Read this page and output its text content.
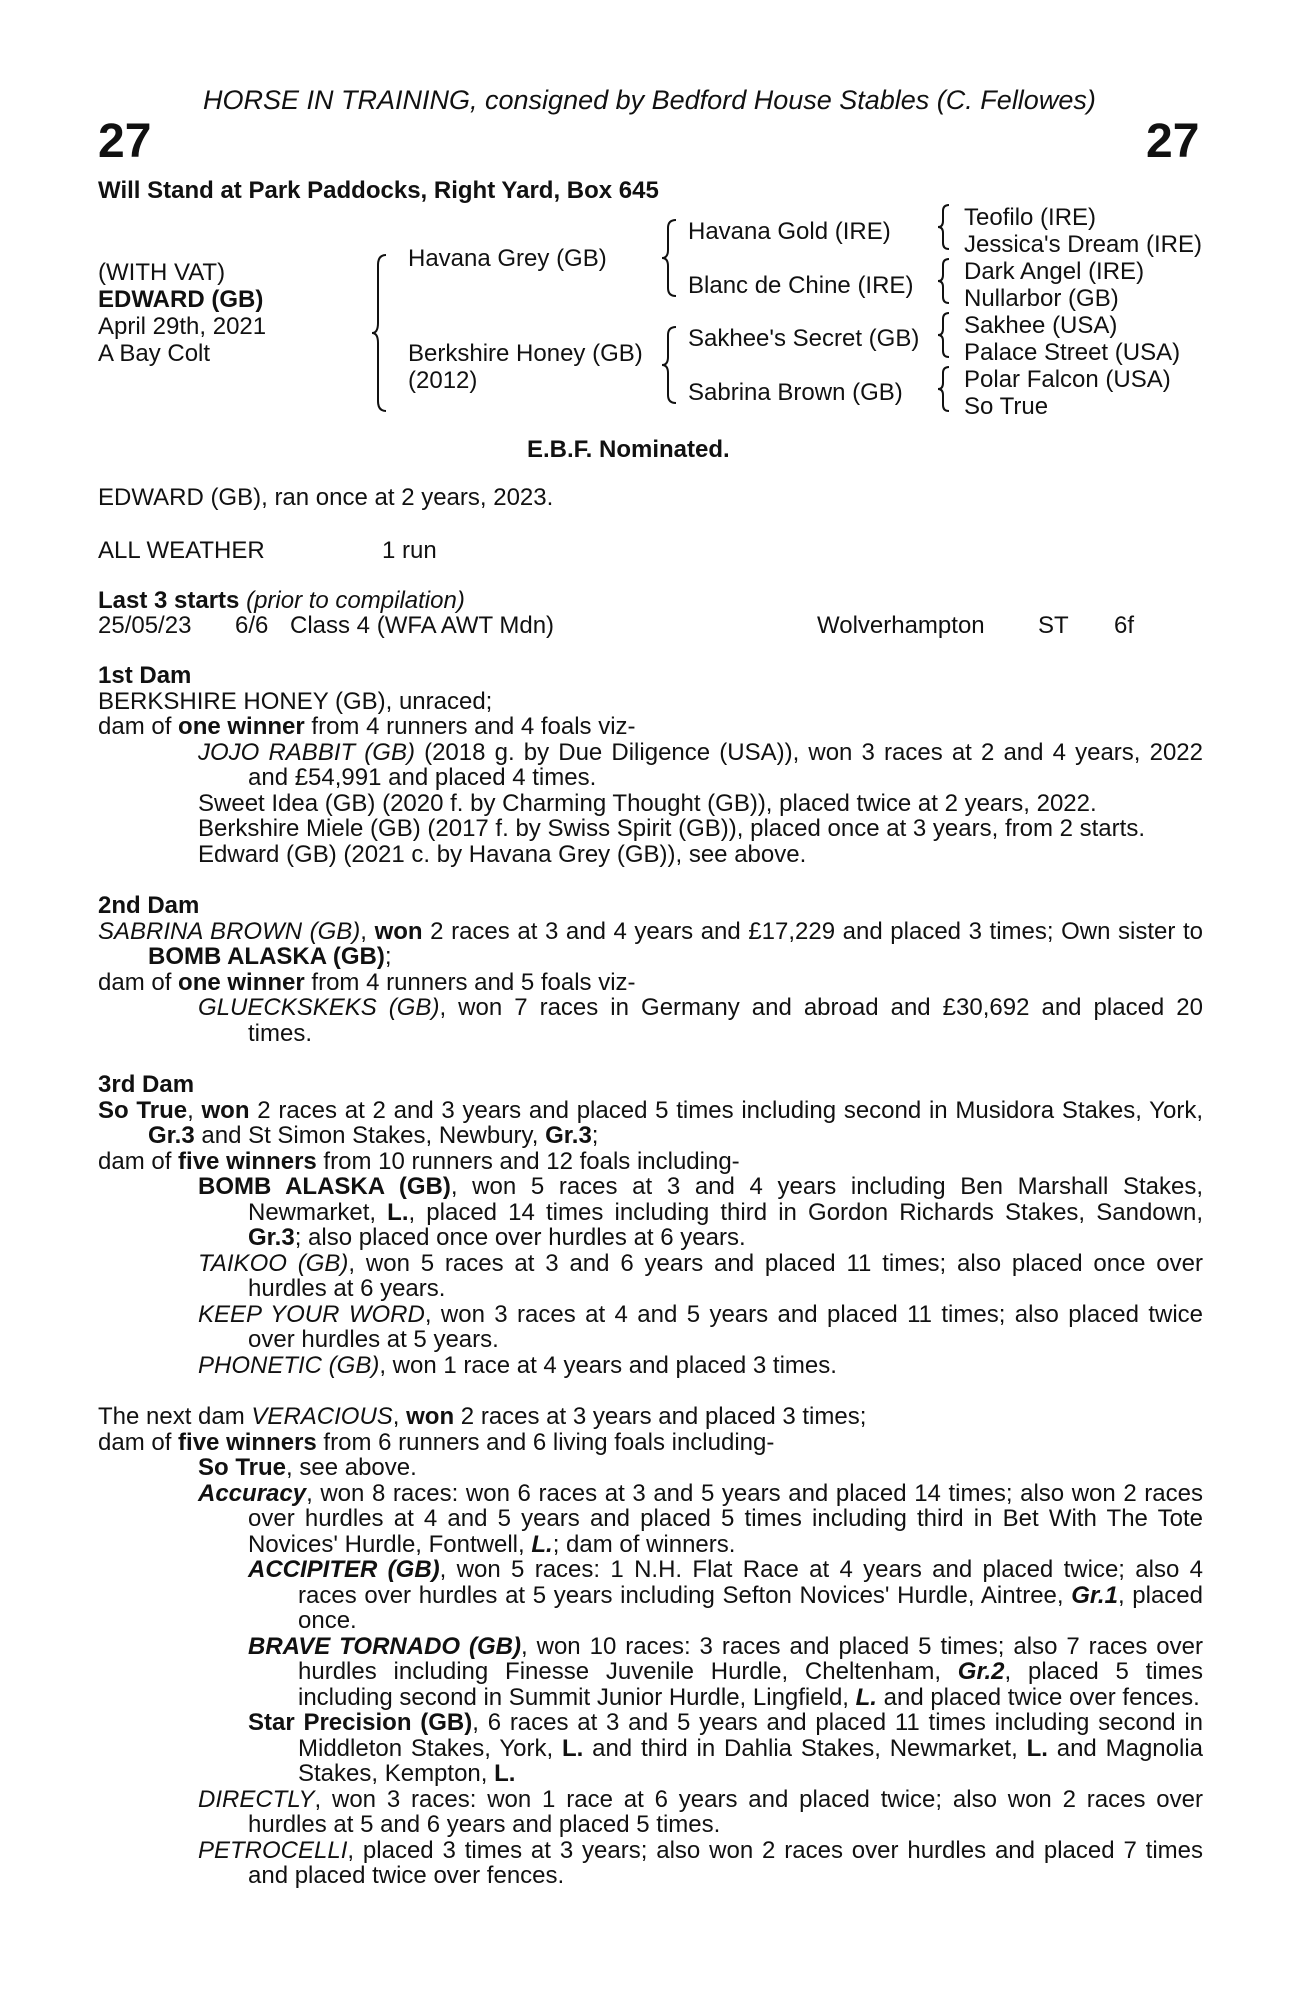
HORSE IN TRAINING, consigned by Bedford House Stables (C. Fellowes)
27	27
Will Stand at Park Paddocks, Right Yard, Box 645
(WITH VAT)
EDWARD (GB)
April 29th, 2021
A Bay Colt
Havana Grey (GB)
Berkshire Honey (GB)
(2012)
Havana Gold (IRE)
Blanc de Chine (IRE)
Sakhee's Secret (GB)
Sabrina Brown (GB)
Teofilo (IRE)
Jessica's Dream (IRE)
Dark Angel (IRE)
Nullarbor (GB)
Sakhee (USA)
Palace Street (USA)
Polar Falcon (USA)
So True
E.B.F. Nominated.
EDWARD (GB), ran once at 2 years, 2023.
ALL WEATHER	1 run
Last 3 starts (prior to compilation)
25/05/23 6/6 Class 4 (WFA AWT Mdn)	Wolverhampton ST 6f

1st Dam

BERKSHIRE HONEY (GB), unraced;

dam of one winner from 4 runners and 4 foals viz-

JOJO RABBIT (GB) (2018 g. by Due Diligence (USA)), won 3 races at 2 and 4 years, 2022 and £54,991 and placed 4 times.

Sweet Idea (GB) (2020 f. by Charming Thought (GB)), placed twice at 2 years, 2022.

Berkshire Miele (GB) (2017 f. by Swiss Spirit (GB)), placed once at 3 years, from 2 starts.

Edward (GB) (2021 c. by Havana Grey (GB)), see above.

2nd Dam

SABRINA BROWN (GB), won 2 races at 3 and 4 years and £17,229 and placed 3 times; Own sister to BOMB ALASKA (GB);

dam of one winner from 4 runners and 5 foals viz-

GLUECKSKEKS (GB), won 7 races in Germany and abroad and £30,692 and placed 20 times.

3rd Dam

So True, won 2 races at 2 and 3 years and placed 5 times including second in Musidora Stakes, York, Gr.3 and St Simon Stakes, Newbury, Gr.3;

dam of five winners from 10 runners and 12 foals including-

BOMB ALASKA (GB), won 5 races at 3 and 4 years including Ben Marshall Stakes, Newmarket, L., placed 14 times including third in Gordon Richards Stakes, Sandown, Gr.3; also placed once over hurdles at 6 years.

TAIKOO (GB), won 5 races at 3 and 6 years and placed 11 times; also placed once over hurdles at 6 years.

KEEP YOUR WORD, won 3 races at 4 and 5 years and placed 11 times; also placed twice over hurdles at 5 years.

PHONETIC (GB), won 1 race at 4 years and placed 3 times.

The next dam VERACIOUS, won 2 races at 3 years and placed 3 times;

dam of five winners from 6 runners and 6 living foals including-

So True, see above.

Accuracy, won 8 races: won 6 races at 3 and 5 years and placed 14 times; also won 2 races over hurdles at 4 and 5 years and placed 5 times including third in Bet With The Tote Novices' Hurdle, Fontwell, L.; dam of winners.

ACCIPITER (GB), won 5 races: 1 N.H. Flat Race at 4 years and placed twice; also 4 races over hurdles at 5 years including Sefton Novices' Hurdle, Aintree, Gr.1, placed once.

BRAVE TORNADO (GB), won 10 races: 3 races and placed 5 times; also 7 races over hurdles including Finesse Juvenile Hurdle, Cheltenham, Gr.2, placed 5 times including second in Summit Junior Hurdle, Lingfield, L. and placed twice over fences.

Star Precision (GB), 6 races at 3 and 5 years and placed 11 times including second in Middleton Stakes, York, L. and third in Dahlia Stakes, Newmarket, L. and Magnolia Stakes, Kempton, L.

DIRECTLY, won 3 races: won 1 race at 6 years and placed twice; also won 2 races over hurdles at 5 and 6 years and placed 5 times.

PETROCELLI, placed 3 times at 3 years; also won 2 races over hurdles and placed 7 times and placed twice over fences.
